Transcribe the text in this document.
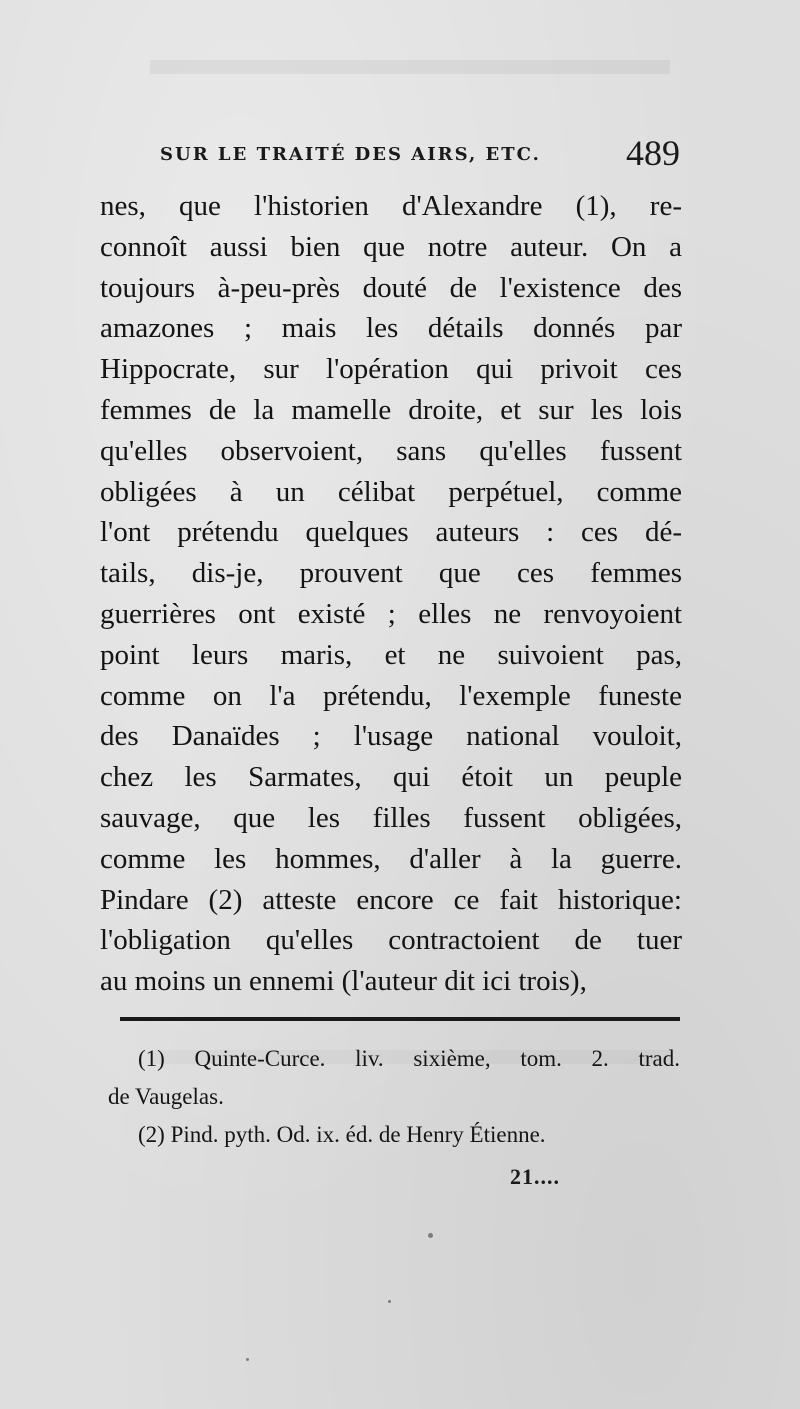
SUR LE TRAITÉ DES AIRS, ETC. 489
nes, que l'historien d'Alexandre (1), re-
connoît aussi bien que notre auteur. On a
toujours à-peu-près douté de l'existence des
amazones ; mais les détails donnés par
Hippocrate, sur l'opération qui privoit ces
femmes de la mamelle droite, et sur les lois
qu'elles observoient, sans qu'elles fussent
obligées à un célibat perpétuel, comme
l'ont prétendu quelques auteurs : ces dé-
tails, dis-je, prouvent que ces femmes
guerrières ont existé ; elles ne renvoyoient
point leurs maris, et ne suivoient pas,
comme on l'a prétendu, l'exemple funeste
des Danaïdes ; l'usage national vouloit,
chez les Sarmates, qui étoit un peuple
sauvage, que les filles fussent obligées,
comme les hommes, d'aller à la guerre.
Pindare (2) atteste encore ce fait historique:
l'obligation qu'elles contractoient de tuer
au moins un ennemi (l'auteur dit ici trois),
(1) Quinte-Curce. liv. sixième, tom. 2. trad.
de Vaugelas.
(2) Pind. pyth. Od. ix. éd. de Henry Étienne.
21....
